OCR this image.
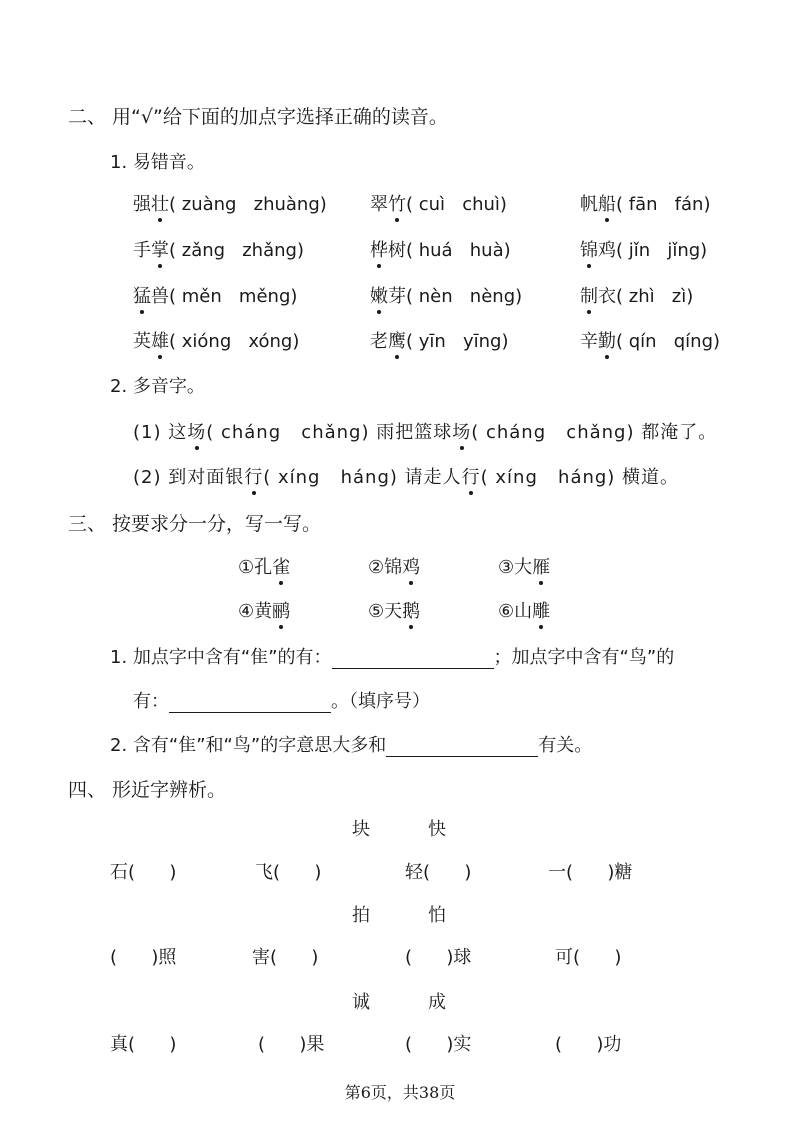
二、 用“√”给下面的加点字选择正确的读音。
1. 易错音。
2. 多音字。
(1) 这场( cháng   chǎng) 雨把篮球场( cháng   chǎng) 都淹了。
(2) 到对面银行( xíng   háng) 请走人行( xíng   háng) 横道。
三、 按要求分一分，写一写。
1. 加点字中含有“隹”的有：	；加点字中含有“鸟”的
有：	。（填序号）
2. 含有“隹”和“鸟”的字意思大多和	有关。
四、 形近字辨析。
第6页，共38页
强壮( zuàng   zhuàng) 翠竹( cuì   chuì)	帆船( fān   fán)
手掌( zǎng   zhǎng)	桦树( huá   huà)	锦鸡( jǐn   jǐng)
猛兽( měn   měng)	嫩芽( nèn   nèng)	制衣( zhì   zì)
英雄( xióng   xóng)	老鹰( yīn   yīng)	辛勤( qín   qíng)
①孔雀	②锦鸡	③大雁
④黄鹂	⑤天鹅	⑥山雕
块	快
石(      )	飞(      )	轻(      )	一(      )糖
拍	怕
(      )照	害(      )	(      )球	可(      )
诚	成
真(      )	(      )果	(      )实	(      )功
